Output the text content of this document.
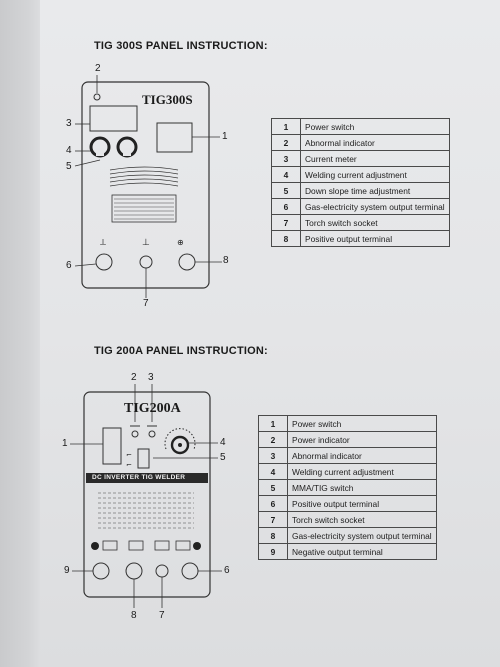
TIG 300S PANEL INSTRUCTION:
⟂	⊥	⊕
2
3
1
4
5
6	8
7
TIG300S
1	Power switch
2	Abnormal indicator
3	Current meter
4	Welding current adjustment
5	Down slope time adjustment
6	Gas-electricity system output terminal
7	Torch switch socket
8	Positive output terminal
TIG 200A PANEL INSTRUCTION:
⌐
⌐
2 3
1	4
5
9	6
8 7
TIG200A
DC INVERTER TIG WELDER
1	Power switch
2	Power indicator
3	Abnormal indicator
4	Welding current adjustment
5	MMA/TIG switch
6	Positive output terminal
7	Torch switch socket
8	Gas-electricity system output terminal
9	Negative output terminal
